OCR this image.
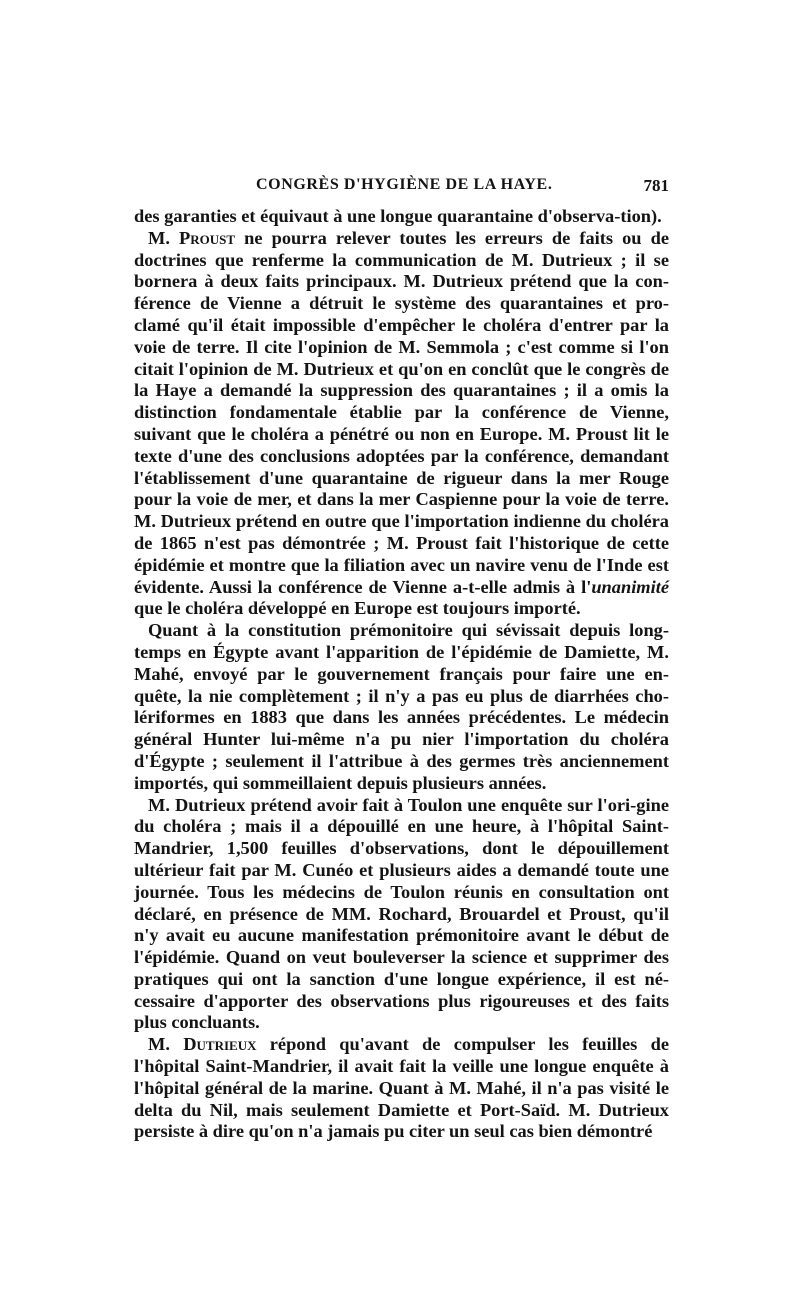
CONGRÈS D'HYGIÈNE DE LA HAYE.	781

des garanties et équivaut à une longue quarantaine d'observa-tion).

M. Proust ne pourra relever toutes les erreurs de faits ou de doctrines que renferme la communication de M. Dutrieux ; il se bornera à deux faits principaux. M. Dutrieux prétend que la con-férence de Vienne a détruit le système des quarantaines et pro-clamé qu'il était impossible d'empêcher le choléra d'entrer par la voie de terre. Il cite l'opinion de M. Semmola ; c'est comme si l'on citait l'opinion de M. Dutrieux et qu'on en conclût que le congrès de la Haye a demandé la suppression des quarantaines ; il a omis la distinction fondamentale établie par la conférence de Vienne, suivant que le choléra a pénétré ou non en Europe. M. Proust lit le texte d'une des conclusions adoptées par la conférence, demandant l'établissement d'une quarantaine de rigueur dans la mer Rouge pour la voie de mer, et dans la mer Caspienne pour la voie de terre. M. Dutrieux prétend en outre que l'importation indienne du choléra de 1865 n'est pas démontrée ; M. Proust fait l'historique de cette épidémie et montre que la filiation avec un navire venu de l'Inde est évidente. Aussi la conférence de Vienne a-t-elle admis à l'unanimité que le choléra développé en Europe est toujours importé.

Quant à la constitution prémonitoire qui sévissait depuis long-temps en Égypte avant l'apparition de l'épidémie de Damiette, M. Mahé, envoyé par le gouvernement français pour faire une en-quête, la nie complètement ; il n'y a pas eu plus de diarrhées cho-lériformes en 1883 que dans les années précédentes. Le médecin général Hunter lui-même n'a pu nier l'importation du choléra d'Égypte ; seulement il l'attribue à des germes très anciennement importés, qui sommeillaient depuis plusieurs années.

M. Dutrieux prétend avoir fait à Toulon une enquête sur l'ori-gine du choléra ; mais il a dépouillé en une heure, à l'hôpital Saint-Mandrier, 1,500 feuilles d'observations, dont le dépouillement ultérieur fait par M. Cunéo et plusieurs aides a demandé toute une journée. Tous les médecins de Toulon réunis en consultation ont déclaré, en présence de MM. Rochard, Brouardel et Proust, qu'il n'y avait eu aucune manifestation prémonitoire avant le début de l'épidémie. Quand on veut bouleverser la science et supprimer des pratiques qui ont la sanction d'une longue expérience, il est né-cessaire d'apporter des observations plus rigoureuses et des faits plus concluants.

M. Dutrieux répond qu'avant de compulser les feuilles de l'hôpital Saint-Mandrier, il avait fait la veille une longue enquête à l'hôpital général de la marine. Quant à M. Mahé, il n'a pas visité le delta du Nil, mais seulement Damiette et Port-Saïd. M. Dutrieux persiste à dire qu'on n'a jamais pu citer un seul cas bien démontré
